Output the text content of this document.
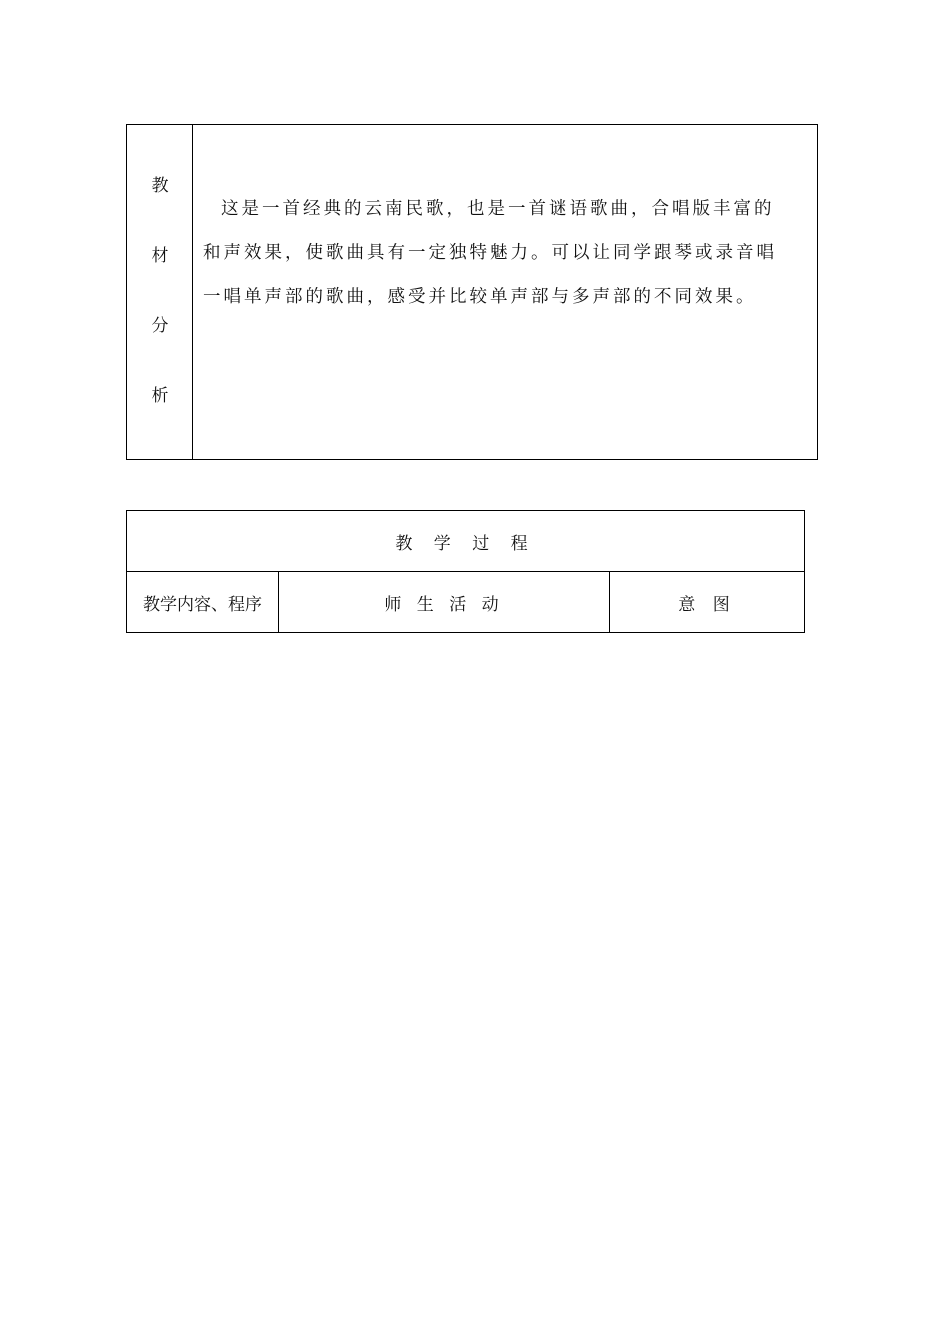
教
材
分
析

这是一首经典的云南民歌，也是一首谜语歌曲，合唱版丰富的

和声效果，使歌曲具有一定独特魅力。可以让同学跟琴或录音唱

一唱单声部的歌曲，感受并比较单声部与多声部的不同效果。

教 学 过 程
教学内容、程序	师 生 活 动	意 图
